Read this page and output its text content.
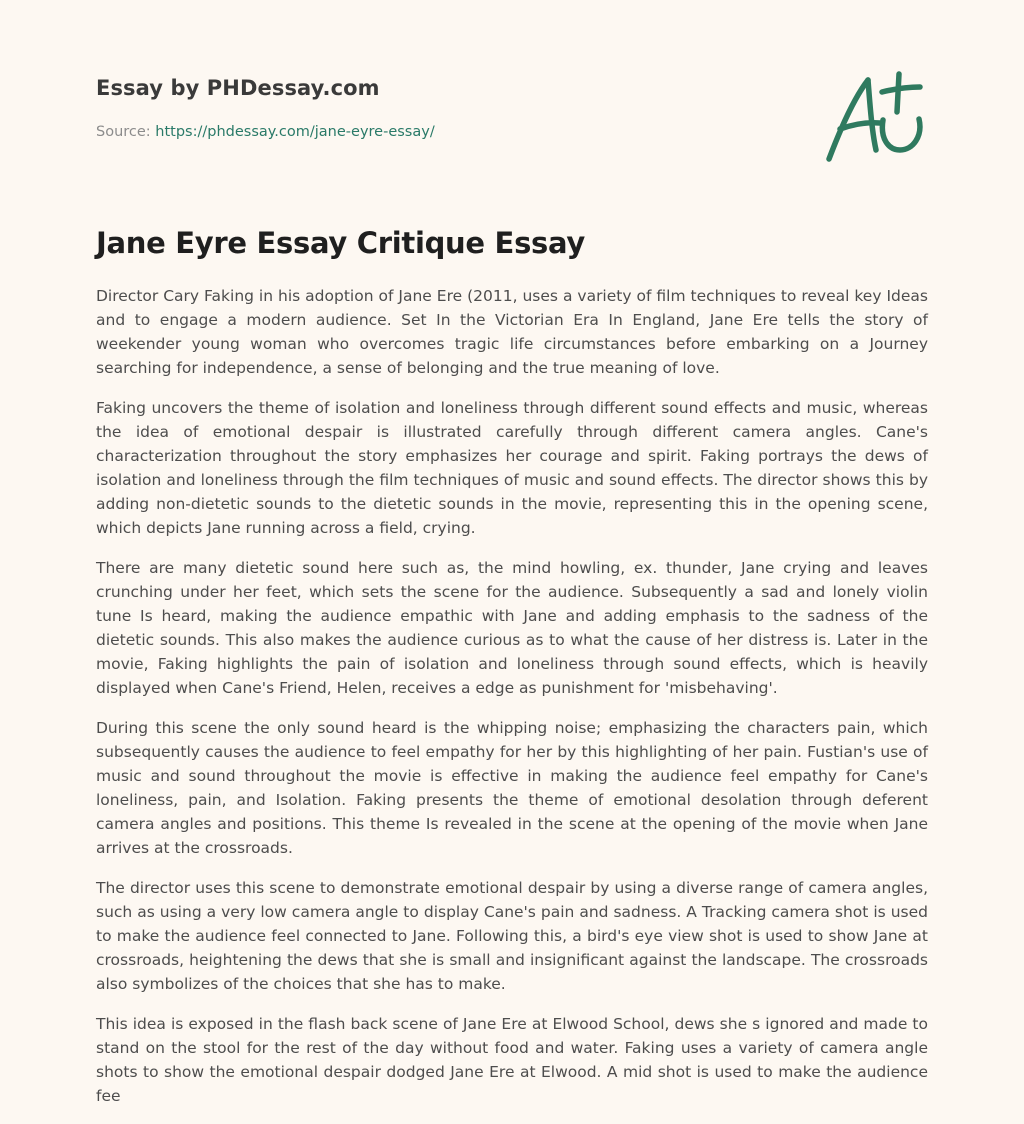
Essay by PHDessay.com

Source: https://phdessay.com/jane-eyre-essay/

Jane Eyre Essay Critique Essay

Director Cary Faking in his adoption of Jane Ere (2011, uses a variety of film techniques to reveal key Ideas and to engage a modern audience. Set In the Victorian Era In England, Jane Ere tells the story of weekender young woman who overcomes tragic life circumstances before embarking on a Journey searching for independence, a sense of belonging and the true meaning of love.

Faking uncovers the theme of isolation and loneliness through different sound effects and music, whereas the idea of emotional despair is illustrated carefully through different camera angles. Cane's characterization throughout the story emphasizes her courage and spirit. Faking portrays the dews of isolation and loneliness through the film techniques of music and sound effects. The director shows this by adding non-dietetic sounds to the dietetic sounds in the movie, representing this in the opening scene, which depicts Jane running across a field, crying.

There are many dietetic sound here such as, the mind howling, ex. thunder, Jane crying and leaves crunching under her feet, which sets the scene for the audience. Subsequently a sad and lonely violin tune Is heard, making the audience empathic with Jane and adding emphasis to the sadness of the dietetic sounds. This also makes the audience curious as to what the cause of her distress is. Later in the movie, Faking highlights the pain of isolation and loneliness through sound effects, which is heavily displayed when Cane's Friend, Helen, receives a edge as punishment for 'misbehaving'.

During this scene the only sound heard is the whipping noise; emphasizing the characters pain, which subsequently causes the audience to feel empathy for her by this highlighting of her pain. Fustian's use of music and sound throughout the movie is effective in making the audience feel empathy for Cane's loneliness, pain, and Isolation. Faking presents the theme of emotional desolation through deferent camera angles and positions. This theme Is revealed in the scene at the opening of the movie when Jane arrives at the crossroads.

The director uses this scene to demonstrate emotional despair by using a diverse range of camera angles, such as using a very low camera angle to display Cane's pain and sadness. A Tracking camera shot is used to make the audience feel connected to Jane. Following this, a bird's eye view shot is used to show Jane at crossroads, heightening the dews that she is small and insignificant against the landscape. The crossroads also symbolizes of the choices that she has to make.

This idea is exposed in the flash back scene of Jane Ere at Elwood School, dews she s ignored and made to stand on the stool for the rest of the day without food and water. Faking uses a variety of camera angle shots to show the emotional despair dodged Jane Ere at Elwood. A mid shot is used to make the audience fee
